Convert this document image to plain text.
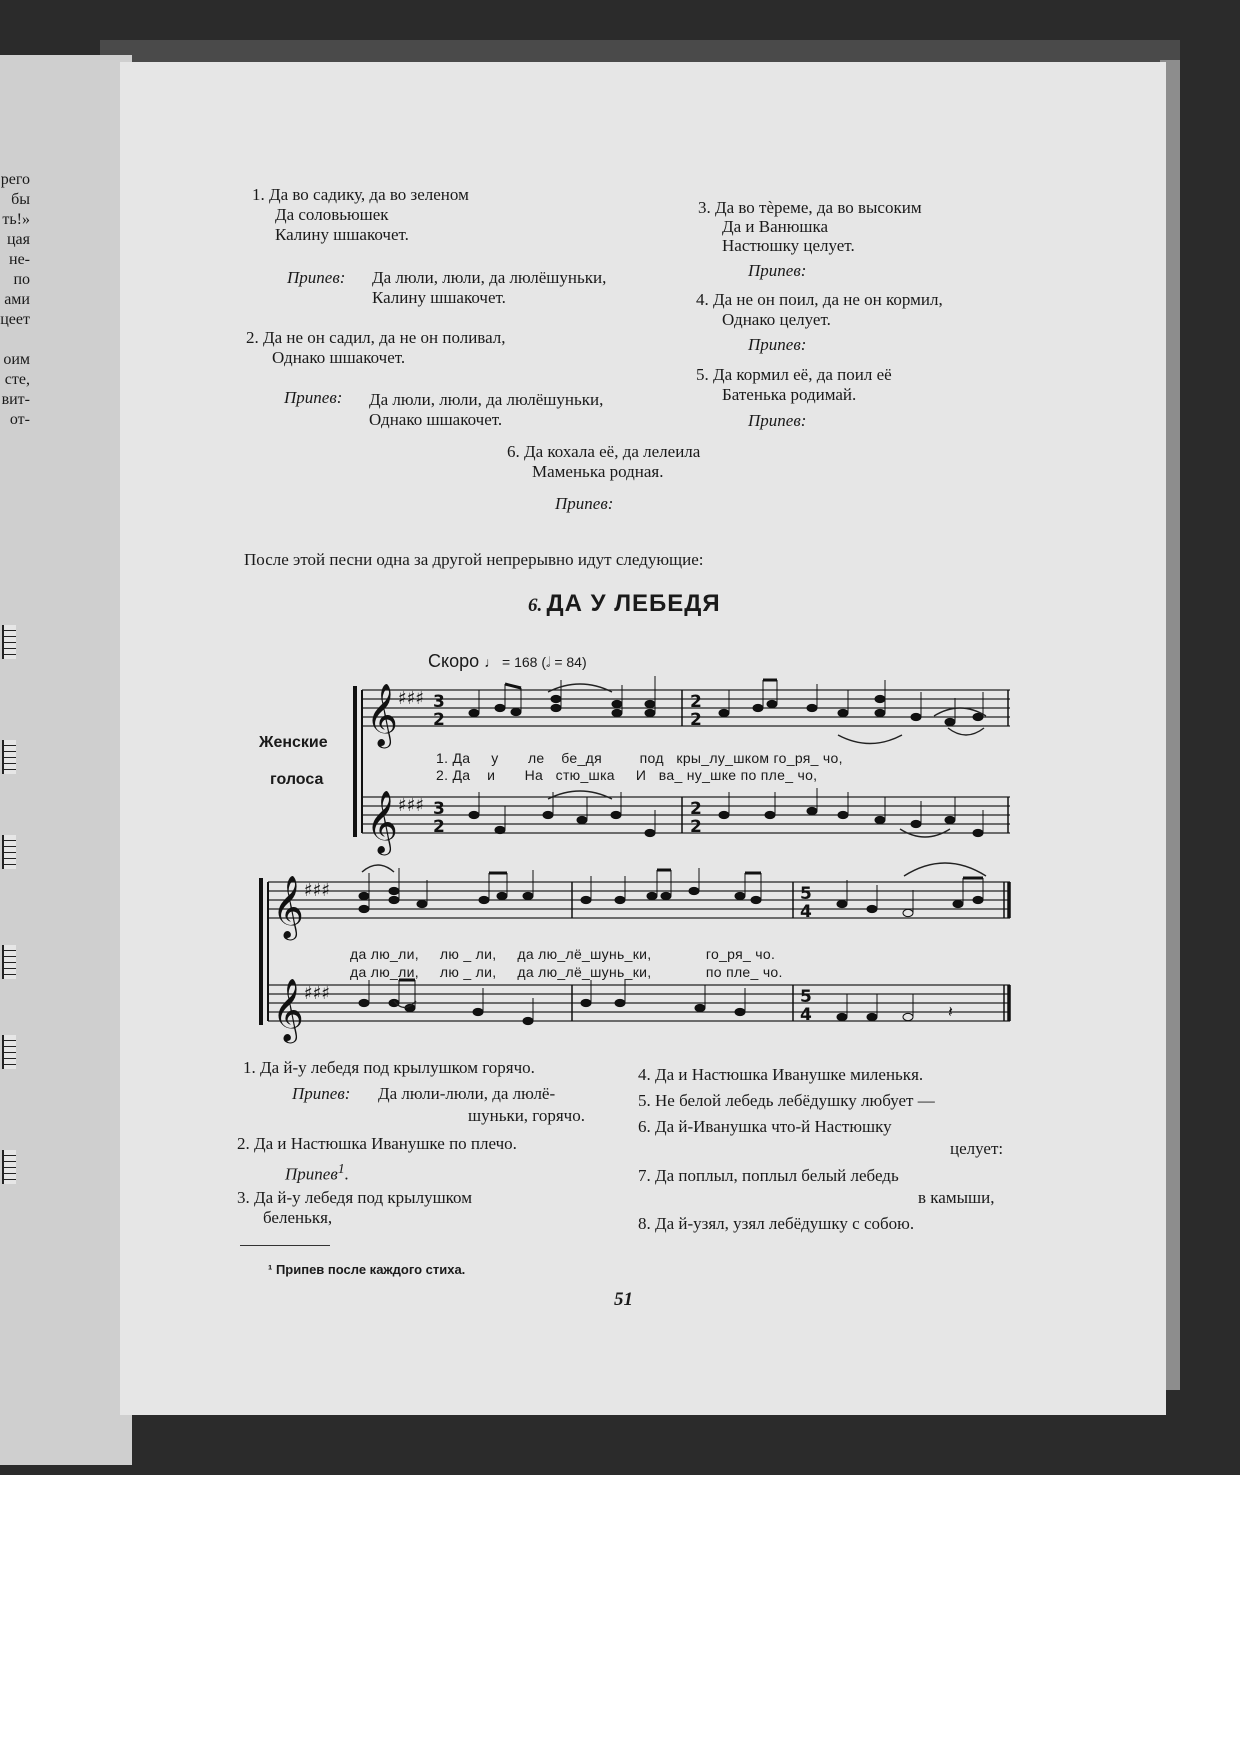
рего
бы
ть!»
цая
не-
по
ами
цеет
оим
сте,
вит-
от-
1. Да во садику, да во зеленом
Да соловьюшек
Калину шшакочет.
Припев: Да люли, люли, да люлёшуньки,
Калину шшакочет.
2. Да не он садил, да не он поливал,
Однако шшакочет.
Припев: Да люли, люли, да люлёшуньки,
Однако шшакочет.
3. Да во тѐреме, да во высоким
Да и Ванюшка
Настюшку целует.
Припев:
4. Да не он поил, да не он кормил,
Однако целует.
Припев:
5. Да кормил её, да поил её
Батенька родимай.
Припев:
6. Да кохала её, да лелеила
Маменька родная.
Припев:
После этой песни одна за другой непрерывно идут следующие:
6. ДА У ЛЕБЕДЯ
Скоро ♩ = 168 (𝅗𝅥 = 84)
Женские
голоса
𝄞
𝄞
𝄞
𝄞
♯♯♯
♯♯♯
♯♯♯
♯♯♯
3
2
3
2
2
2
2
2
5
4
5
4	𝄽
1. Да у ле бе_дя	под кры_лу_шком го_ря_ чо,
2. Да и На стю_шка И ва_ ну_шке по пле_ чо,
да лю_ли, лю _ ли, да лю_лё_шунь_ки,	го_ря_ чо.
да лю_ли, лю _ ли, да лю_лё_шунь_ки,	по пле_ чо.
1. Да й-у лебедя под крылушком горячо.
Припев: Да люли-люли, да люлё-
шуньки, горячо.
2. Да и Настюшка Иванушке по плечо.
Припев$^1$.
3. Да й-у лебедя под крылушком
беленькя,
4. Да и Настюшка Иванушке миленькя.
5. Не белой лебедь лебёдушку любует —
6. Да й-Иванушка что-й Настюшку
целует:
7. Да поплыл, поплыл белый лебедь
в камыши,
8. Да й-узял, узял лебёдушку с собою.
¹ Припев после каждого стиха.
51
